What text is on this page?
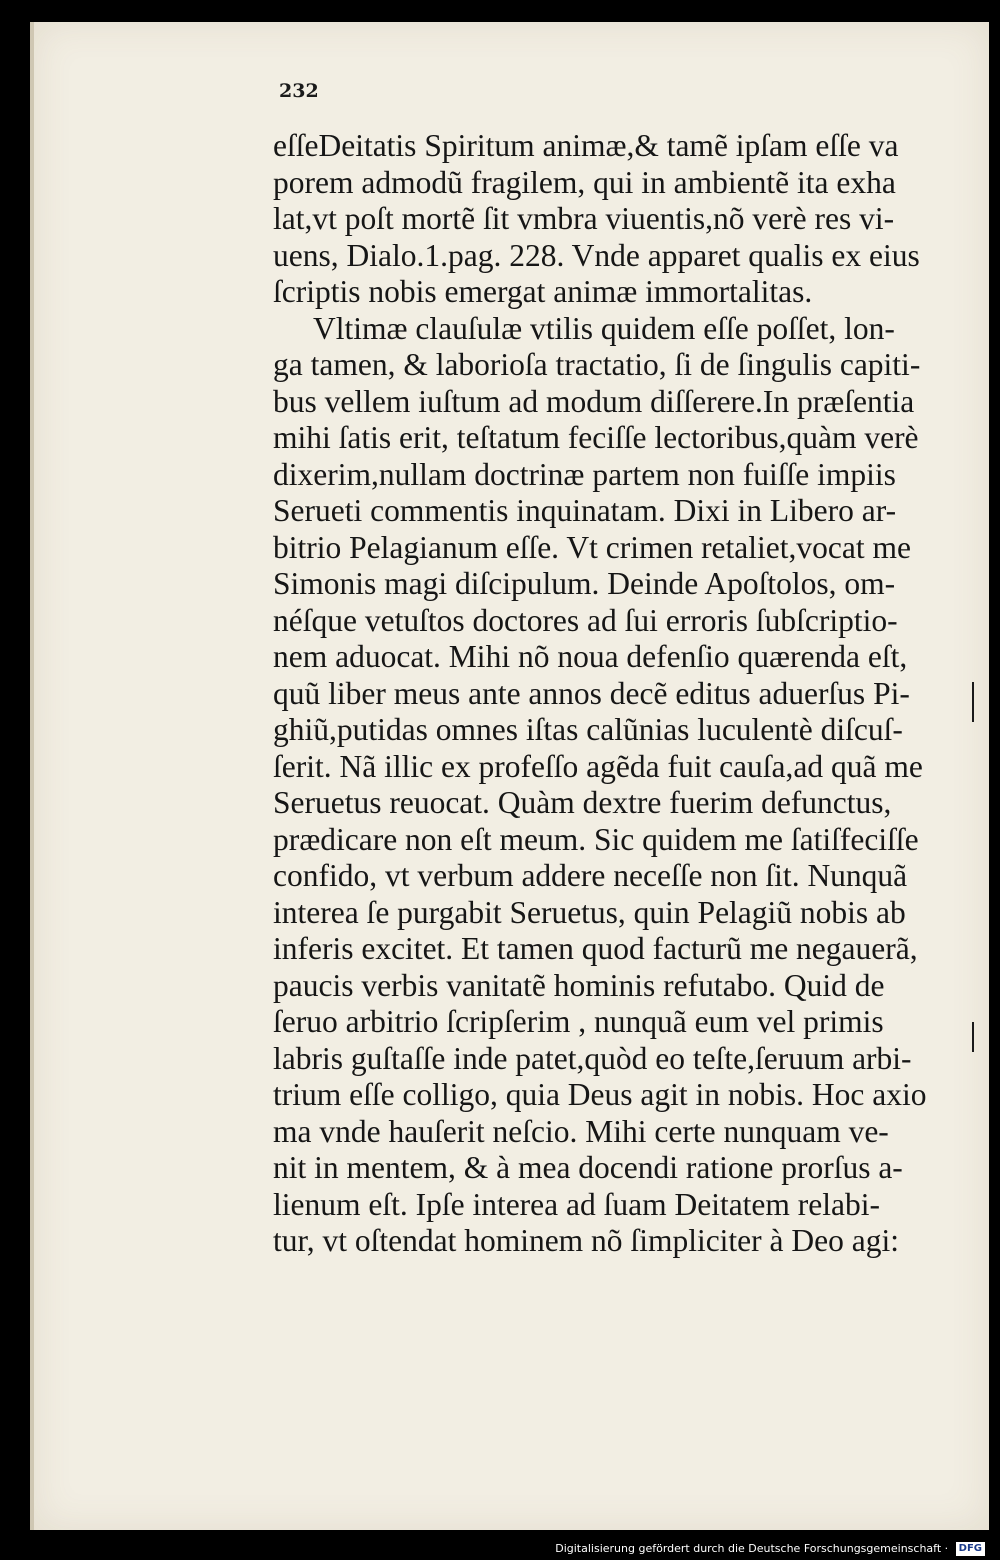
232

eſſeDeitatis Spiritum animæ,& tamẽ ipſam eſſe va
porem admodũ fragilem, qui in ambientẽ ita exha
lat,vt poſt mortẽ ſit vmbra viuentis,nõ verè res vi-
uens, Dialo.1.pag. 228. Vnde apparet qualis ex eius
ſcriptis nobis emergat animæ immortalitas.
Vltimæ clauſulæ vtilis quidem eſſe poſſet, lon-
ga tamen, & laborioſa tractatio, ſi de ſingulis capiti-
bus vellem iuſtum ad modum diſſerere.In præſentia
mihi ſatis erit, teſtatum feciſſe lectoribus,quàm verè
dixerim,nullam doctrinæ partem non fuiſſe impiis
Serueti commentis inquinatam. Dixi in Libero ar-
bitrio Pelagianum eſſe. Vt crimen retaliet,vocat me
Simonis magi diſcipulum. Deinde Apoſtolos, om-
néſque vetuſtos doctores ad ſui erroris ſubſcriptio-
nem aduocat. Mihi nõ noua defenſio quærenda eſt,
quũ liber meus ante annos decẽ editus aduerſus Pi-
ghiũ,putidas omnes iſtas calũnias luculentè diſcuſ-
ſerit. Nã illic ex profeſſo agẽda fuit cauſa,ad quã me
Seruetus reuocat. Quàm dextre fuerim defunctus,
prædicare non eſt meum. Sic quidem me ſatiſfeciſſe
confido, vt verbum addere neceſſe non ſit. Nunquã
interea ſe purgabit Seruetus, quin Pelagiũ nobis ab
inferis excitet. Et tamen quod facturũ me negauerã,
paucis verbis vanitatẽ hominis refutabo. Quid de
ſeruo arbitrio ſcripſerim , nunquã eum vel primis
labris guſtaſſe inde patet,quòd eo teſte,ſeruum arbi-
trium eſſe colligo, quia Deus agit in nobis. Hoc axio
ma vnde hauſerit neſcio. Mihi certe nunquam ve-
nit in mentem, & à mea docendi ratione prorſus a-
lienum eſt. Ipſe interea ad ſuam Deitatem relabi-
tur, vt oſtendat hominem nõ ſimpliciter à Deo agi:
Digitalisierung gefördert durch die Deutsche Forschungsgemeinschaft · DFG
